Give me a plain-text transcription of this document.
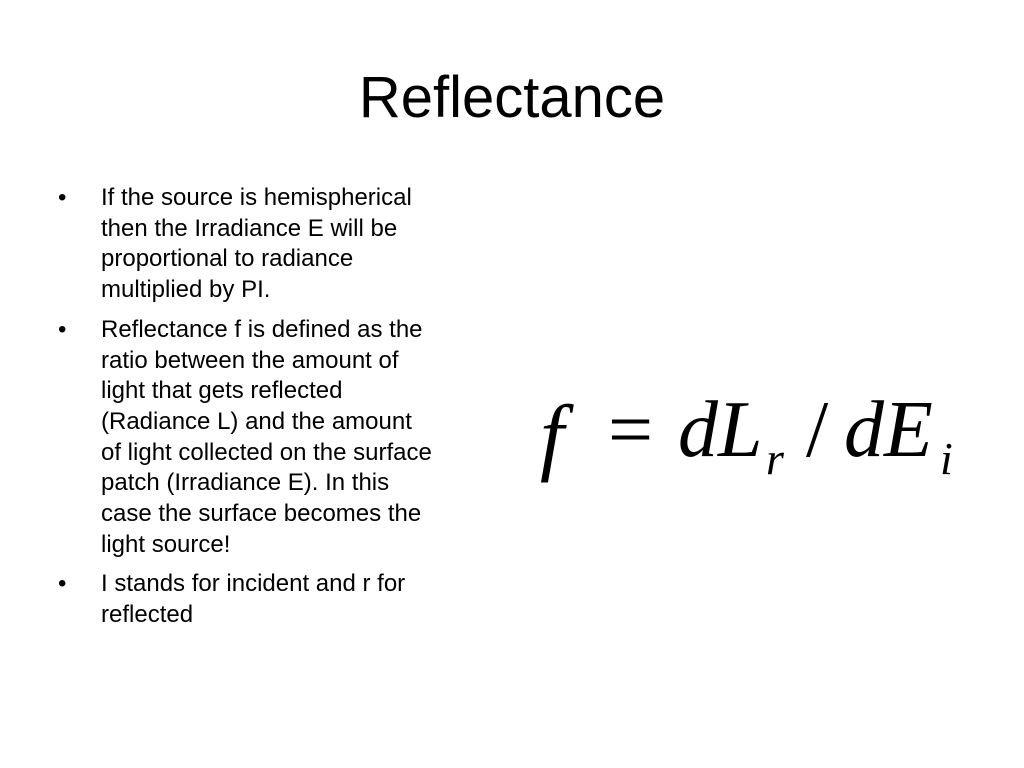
Reflectance
• If the source is hemispherical
then the Irradiance E will be
proportional to radiance
multiplied by PI.
• Reflectance f is defined as the
ratio between the amount of
light that gets reflected
(Radiance L) and the amount
of light collected on the surface
patch (Irradiance E). In this
case the surface becomes the
light source!
• I stands for incident and r for
reflected
f = dL r / dE i
